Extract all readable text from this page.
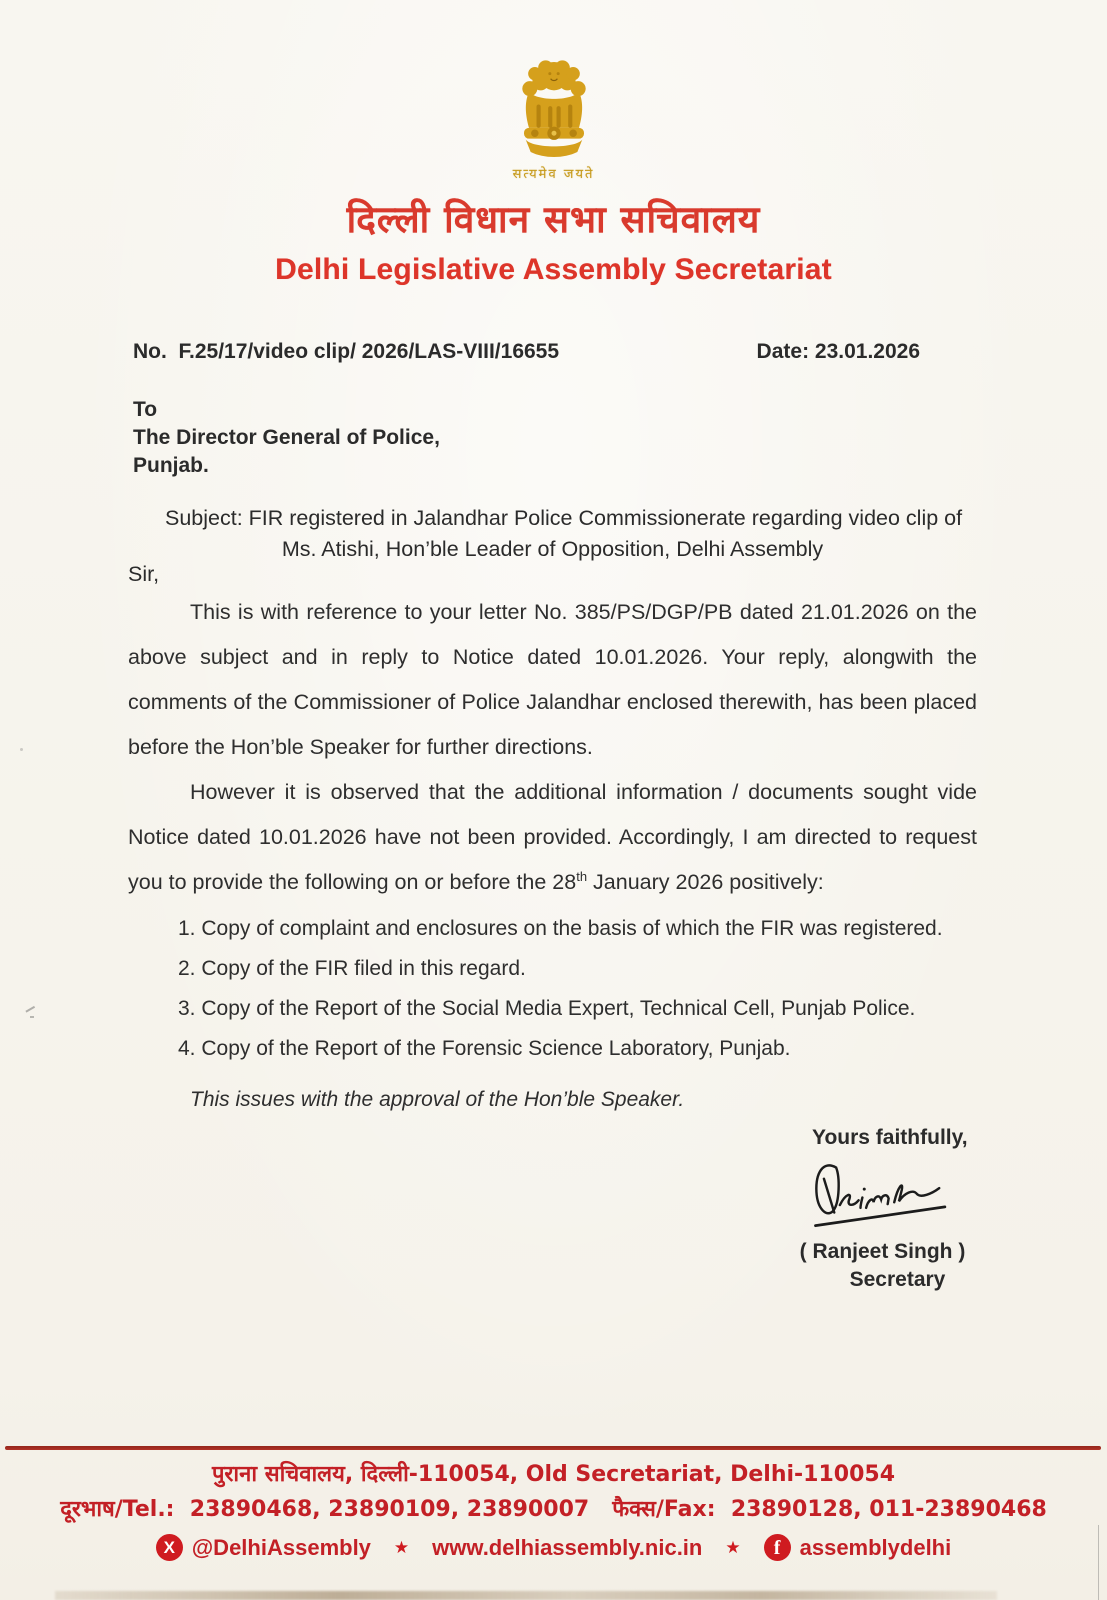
सत्यमेव जयते
दिल्ली विधान सभा सचिवालय
Delhi Legislative Assembly Secretariat
No.  F.25/17/video clip/ 2026/LAS-VIII/16655	Date: 23.01.2026
To
The Director General of Police,
Punjab.
Subject: FIR registered in Jalandhar Police Commissionerate regarding video clip of
Ms. Atishi, Hon’ble Leader of Opposition, Delhi Assembly
Sir,

This is with reference to your letter No. 385/PS/DGP/PB dated 21.01.2026 on the above subject and in reply to Notice dated 10.01.2026. Your reply, alongwith the comments of the Commissioner of Police Jalandhar enclosed therewith, has been placed before the Hon’ble Speaker for further directions.

However it is observed that the additional information / documents sought vide Notice dated 10.01.2026 have not been provided. Accordingly, I am directed to request you to provide the following on or before the 28th January 2026 positively:

1. Copy of complaint and enclosures on the basis of which the FIR was registered.
2. Copy of the FIR filed in this regard.
3. Copy of the Report of the Social Media Expert, Technical Cell, Punjab Police.
4. Copy of the Report of the Forensic Science Laboratory, Punjab.
This issues with the approval of the Hon’ble Speaker.
Yours faithfully,
( Ranjeet Singh )
Secretary
पुराना सचिवालय, दिल्ली-110054, Old Secretariat, Delhi-110054
दूरभाष/Tel.:  23890468, 23890109, 23890007   फैक्स/Fax:  23890128, 011-23890468
X @DelhiAssembly ★ www.delhiassembly.nic.in ★	f assemblydelhi
